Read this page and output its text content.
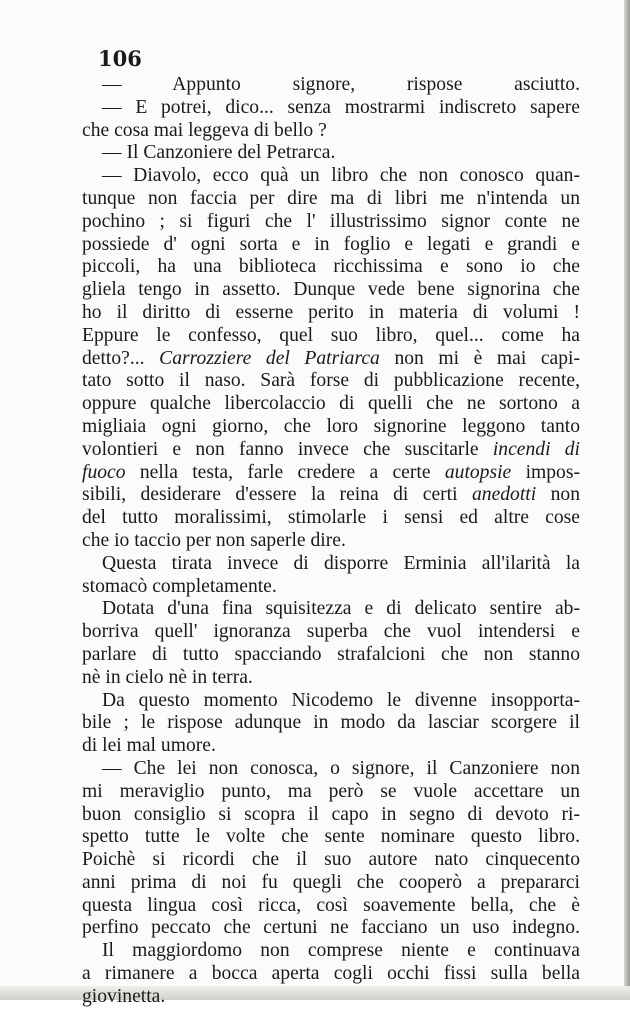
106
— Appunto signore, rispose asciutto.
— E potrei, dico... senza mostrarmi indiscreto sapere
che cosa mai leggeva di bello ?
— Il Canzoniere del Petrarca.
— Diavolo, ecco quà un libro che non conosco quan-
tunque non faccia per dire ma di libri me n'intenda un
pochino ; si figuri che l' illustrissimo signor conte ne
possiede d' ogni sorta e in foglio e legati e grandi e
piccoli, ha una biblioteca ricchissima e sono io che
gliela tengo in assetto. Dunque vede bene signorina che
ho il diritto di esserne perito in materia di volumi !
Eppure le confesso, quel suo libro, quel... come ha
detto?... Carrozziere del Patriarca non mi è mai capi-
tato sotto il naso. Sarà forse di pubblicazione recente,
oppure qualche libercolaccio di quelli che ne sortono a
migliaia ogni giorno, che loro signorine leggono tanto
volontieri e non fanno invece che suscitarle incendi di
fuoco nella testa, farle credere a certe autopsie impos-
sibili, desiderare d'essere la reina di certi anedotti non
del tutto moralissimi, stimolarle i sensi ed altre cose
che io taccio per non saperle dire.
Questa tirata invece di disporre Erminia all'ilarità la
stomacò completamente.
Dotata d'una fina squisitezza e di delicato sentire ab-
borriva quell' ignoranza superba che vuol intendersi e
parlare di tutto spacciando strafalcioni che non stanno
nè in cielo nè in terra.
Da questo momento Nicodemo le divenne insopporta-
bile ; le rispose adunque in modo da lasciar scorgere il
di lei mal umore.
— Che lei non conosca, o signore, il Canzoniere non
mi meraviglio punto, ma però se vuole accettare un
buon consiglio si scopra il capo in segno di devoto ri-
spetto tutte le volte che sente nominare questo libro.
Poichè si ricordi che il suo autore nato cinquecento
anni prima di noi fu quegli che cooperò a prepararci
questa lingua così ricca, così soavemente bella, che è
perfino peccato che certuni ne facciano un uso indegno.
Il maggiordomo non comprese niente e continuava
a rimanere a bocca aperta cogli occhi fissi sulla bella
giovinetta.
